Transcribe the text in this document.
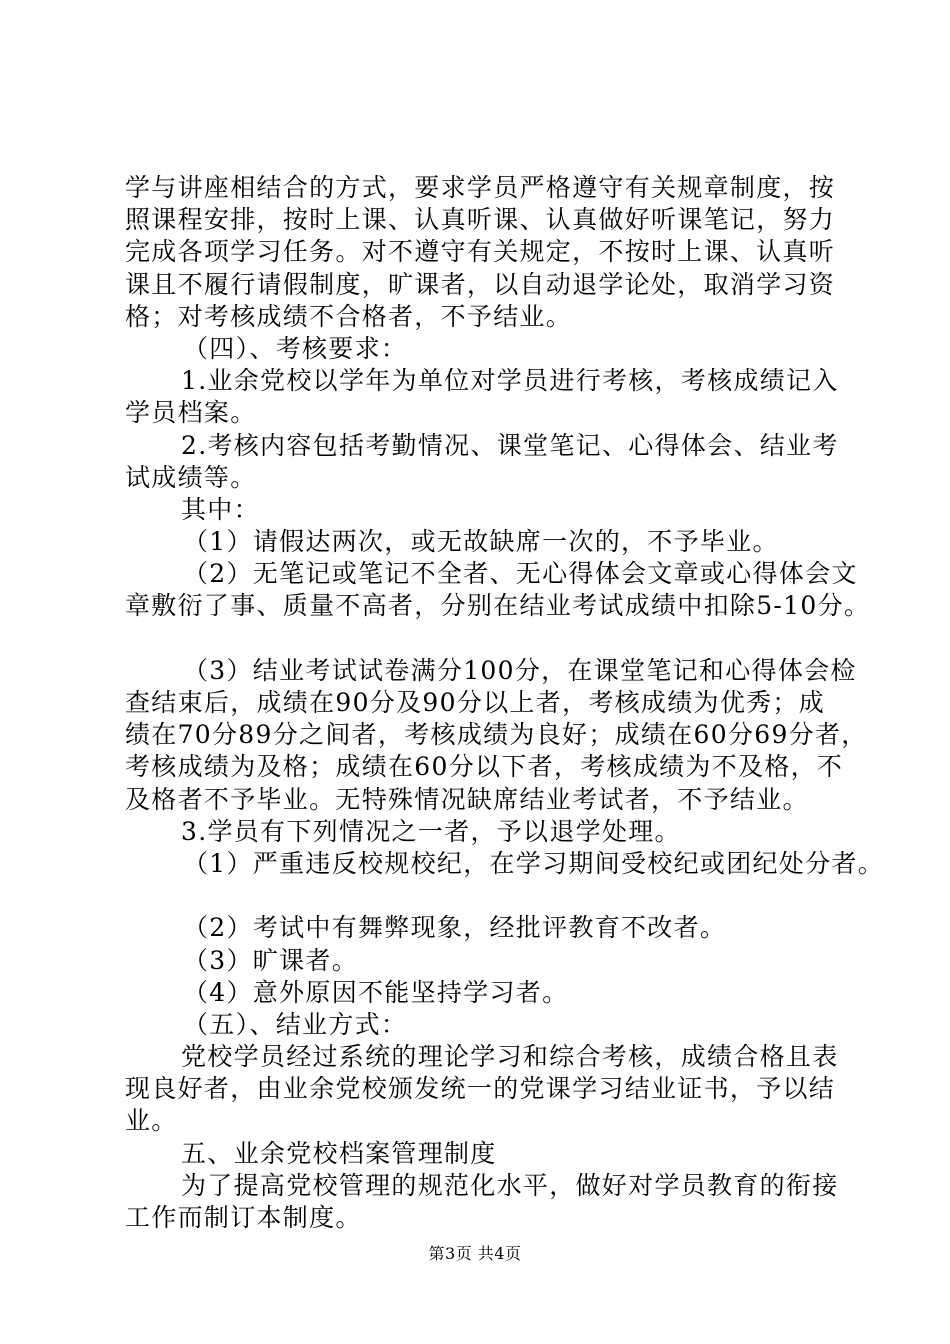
学与讲座相结合的方式，要求学员严格遵守有关规章制度，按
照课程安排，按时上课、认真听课、认真做好听课笔记，努力
完成各项学习任务。对不遵守有关规定，不按时上课、认真听
课且不履行请假制度，旷课者，以自动退学论处，取消学习资
格；对考核成绩不合格者，不予结业。
（四）、考核要求：
1.业余党校以学年为单位对学员进行考核，考核成绩记入
学员档案。
2.考核内容包括考勤情况、课堂笔记、心得体会、结业考
试成绩等。
其中：
（1）请假达两次，或无故缺席一次的，不予毕业。
（2）无笔记或笔记不全者、无心得体会文章或心得体会文
章敷衍了事、质量不高者，分别在结业考试成绩中扣除5-10分。
（3）结业考试试卷满分100分，在课堂笔记和心得体会检
查结束后，成绩在90分及90分以上者，考核成绩为优秀；成
绩在70分89分之间者，考核成绩为良好；成绩在60分69分者，
考核成绩为及格；成绩在60分以下者，考核成绩为不及格，不
及格者不予毕业。无特殊情况缺席结业考试者，不予结业。
3.学员有下列情况之一者，予以退学处理。
（1）严重违反校规校纪，在学习期间受校纪或团纪处分者。
（2）考试中有舞弊现象，经批评教育不改者。
（3）旷课者。
（4）意外原因不能坚持学习者。
（五）、结业方式：
党校学员经过系统的理论学习和综合考核，成绩合格且表
现良好者，由业余党校颁发统一的党课学习结业证书，予以结
业。
五、业余党校档案管理制度
为了提高党校管理的规范化水平，做好对学员教育的衔接
工作而制订本制度。
第3页 共4页
